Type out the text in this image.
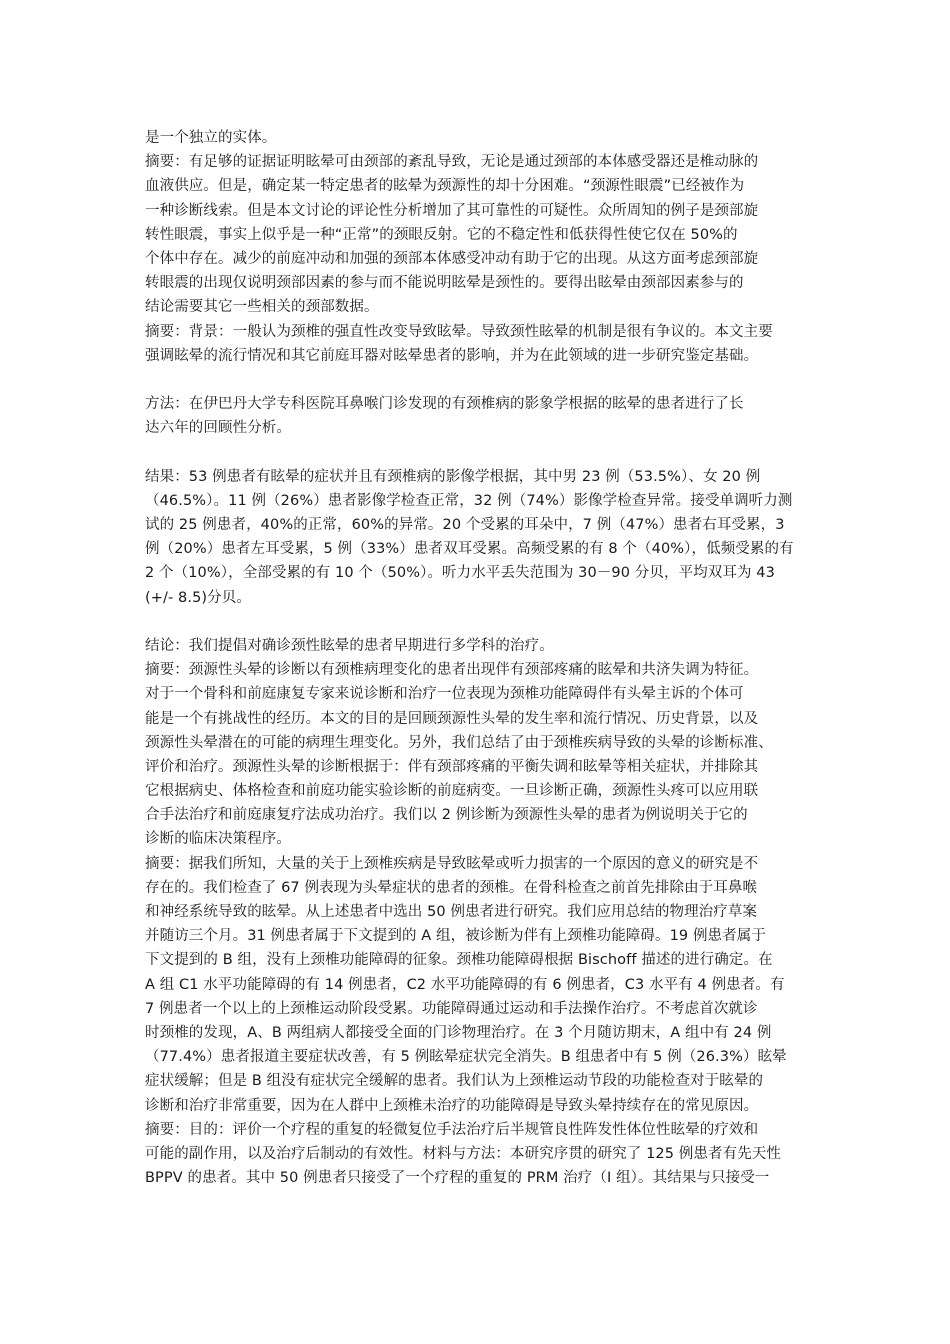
是一个独立的实体。
摘要：有足够的证据证明眩晕可由颈部的紊乱导致，无论是通过颈部的本体感受器还是椎动脉的
血液供应。但是，确定某一特定患者的眩晕为颈源性的却十分困难。“颈源性眼震”已经被作为
一种诊断线索。但是本文讨论的评论性分析增加了其可靠性的可疑性。众所周知的例子是颈部旋
转性眼震，事实上似乎是一种“正常”的颈眼反射。它的不稳定性和低获得性使它仅在 50%的
个体中存在。减少的前庭冲动和加强的颈部本体感受冲动有助于它的出现。从这方面考虑颈部旋
转眼震的出现仅说明颈部因素的参与而不能说明眩晕是颈性的。要得出眩晕由颈部因素参与的
结论需要其它一些相关的颈部数据。
摘要：背景：一般认为颈椎的强直性改变导致眩晕。导致颈性眩晕的机制是很有争议的。本文主要
强调眩晕的流行情况和其它前庭耳器对眩晕患者的影响，并为在此领域的进一步研究鉴定基础。
方法：在伊巴丹大学专科医院耳鼻喉门诊发现的有颈椎病的影象学根据的眩晕的患者进行了长
达六年的回顾性分析。
结果：53 例患者有眩晕的症状并且有颈椎病的影像学根据，其中男 23 例（53.5%）、女 20 例
（46.5%）。11 例（26%）患者影像学检查正常，32 例（74%）影像学检查异常。接受单调听力测
试的 25 例患者，40%的正常，60%的异常。20 个受累的耳朵中，7 例（47%）患者右耳受累，3
例（20%）患者左耳受累，5 例（33%）患者双耳受累。高频受累的有 8 个（40%），低频受累的有
2 个（10%），全部受累的有 10 个（50%）。听力水平丢失范围为 30－90 分贝，平均双耳为 43
(+/- 8.5)分贝。
结论：我们提倡对确诊颈性眩晕的患者早期进行多学科的治疗。
摘要：颈源性头晕的诊断以有颈椎病理变化的患者出现伴有颈部疼痛的眩晕和共济失调为特征。
对于一个骨科和前庭康复专家来说诊断和治疗一位表现为颈椎功能障碍伴有头晕主诉的个体可
能是一个有挑战性的经历。本文的目的是回顾颈源性头晕的发生率和流行情况、历史背景，以及
颈源性头晕潜在的可能的病理生理变化。另外，我们总结了由于颈椎疾病导致的头晕的诊断标准、
评价和治疗。颈源性头晕的诊断根据于：伴有颈部疼痛的平衡失调和眩晕等相关症状，并排除其
它根据病史、体格检查和前庭功能实验诊断的前庭病变。一旦诊断正确，颈源性头疼可以应用联
合手法治疗和前庭康复疗法成功治疗。我们以 2 例诊断为颈源性头晕的患者为例说明关于它的
诊断的临床决策程序。
摘要：据我们所知，大量的关于上颈椎疾病是导致眩晕或听力损害的一个原因的意义的研究是不
存在的。我们检查了 67 例表现为头晕症状的患者的颈椎。在骨科检查之前首先排除由于耳鼻喉
和神经系统导致的眩晕。从上述患者中选出 50 例患者进行研究。我们应用总结的物理治疗草案
并随访三个月。31 例患者属于下文提到的 A 组，被诊断为伴有上颈椎功能障碍。19 例患者属于
下文提到的 B 组，没有上颈椎功能障碍的征象。颈椎功能障碍根据 Bischoff 描述的进行确定。在
A 组 C1 水平功能障碍的有 14 例患者，C2 水平功能障碍的有 6 例患者，C3 水平有 4 例患者。有
7 例患者一个以上的上颈椎运动阶段受累。功能障碍通过运动和手法操作治疗。不考虑首次就诊
时颈椎的发现，A、B 两组病人都接受全面的门诊物理治疗。在 3 个月随访期末，A 组中有 24 例
（77.4%）患者报道主要症状改善，有 5 例眩晕症状完全消失。B 组患者中有 5 例（26.3%）眩晕
症状缓解；但是 B 组没有症状完全缓解的患者。我们认为上颈椎运动节段的功能检查对于眩晕的
诊断和治疗非常重要，因为在人群中上颈椎未治疗的功能障碍是导致头晕持续存在的常见原因。
摘要：目的：评价一个疗程的重复的轻微复位手法治疗后半规管良性阵发性体位性眩晕的疗效和
可能的副作用，以及治疗后制动的有效性。材料与方法：本研究序贯的研究了 125 例患者有先天性
BPPV 的患者。其中 50 例患者只接受了一个疗程的重复的 PRM 治疗（I 组）。其结果与只接受一
